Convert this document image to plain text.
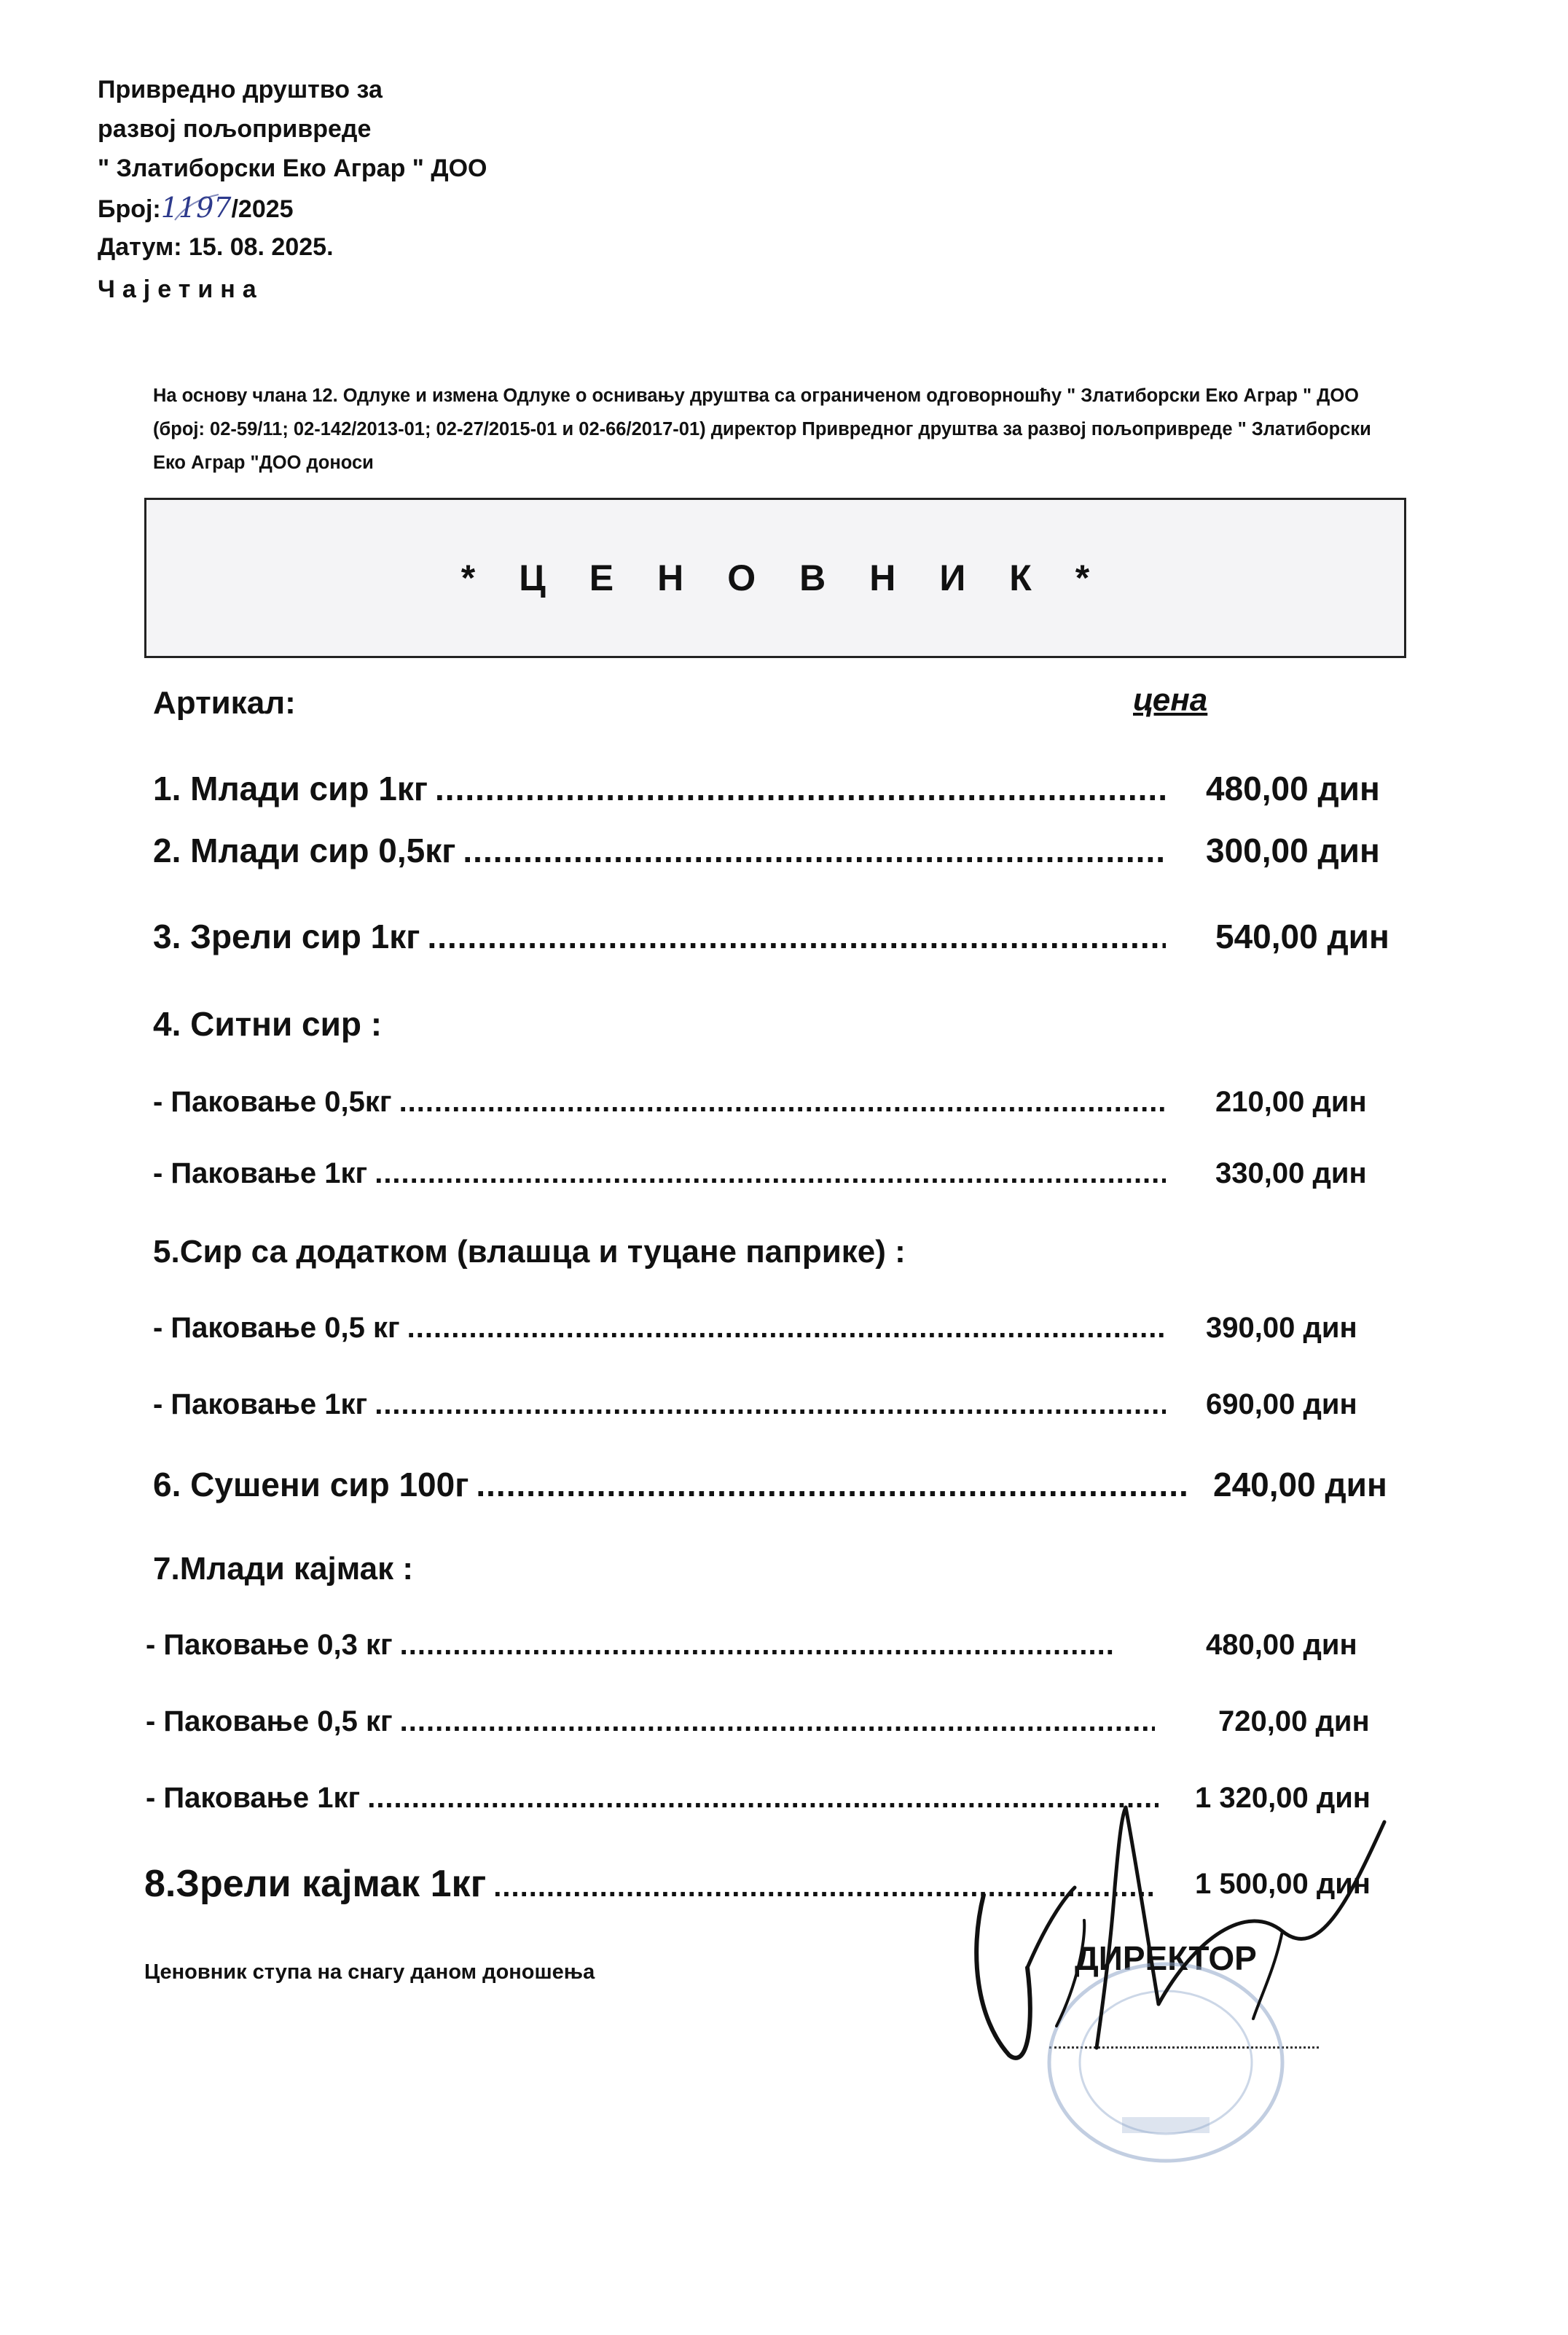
Привредно друштво за
развој пољопривреде
" Златиборски Еко Аграр " ДОО
Број:1197/2025
Датум: 15. 08. 2025.
Чајетина
На основу члана 12. Одлуке и измена Одлуке о оснивању друштва са ограниченом одговорношћу " Златиборски Еко Аграр " ДОО (број: 02-59/11; 02-142/2013-01; 02-27/2015-01 и 02-66/2017-01) директор Привредног друштва за развој пољопривреде " Златиборски Еко Аграр "ДОО доноси
*ЦЕНОВНИК*
Артикал:	цена
1. Млади сир 1кг .....	480,00 дин
2. Млади сир 0,5кг .....	300,00 дин
3. Зрели сир 1кг .....	540,00 дин
4. Ситни сир :
- Паковање 0,5кг .....	210,00 дин
- Паковање 1кг .....	330,00 дин
5.Сир са додатком (влашца и туцане паприке) :
- Паковање 0,5 кг .....	390,00 дин
- Паковање 1кг .....	690,00 дин
6. Сушени сир 100г .....	240,00 дин
7.Млади кајмак :
- Паковање 0,3 кг .....	480,00 дин
- Паковање 0,5 кг .....	720,00 дин
- Паковање 1кг .....	1 320,00 дин
8.Зрели кајмак 1кг .....	1 500,00 дин
Ценовник ступа на снагу даном доношења	ДИРЕКТОР
